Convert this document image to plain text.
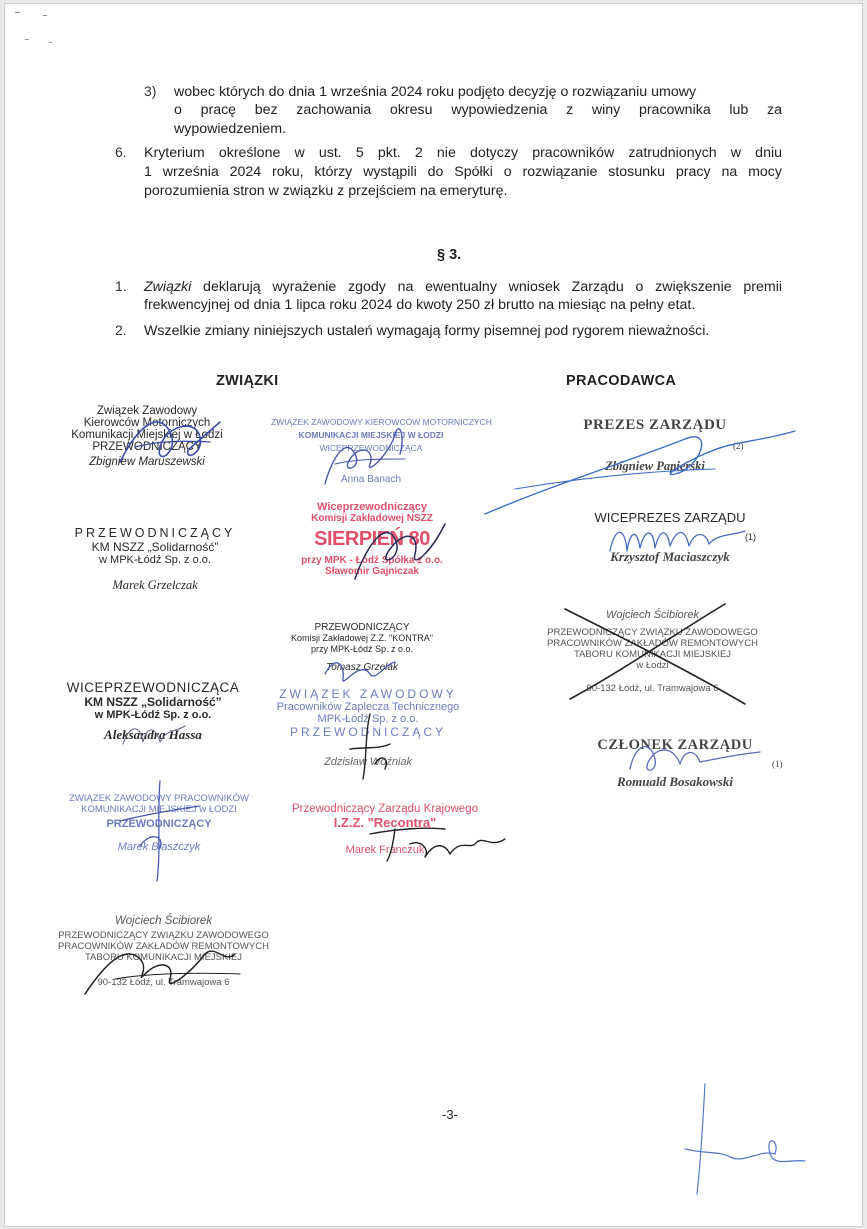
3) wobec których do dnia 1 września 2024 roku podjęto decyzję o rozwiązaniu umowy
o pracę bez zachowania okresu wypowiedzenia z winy pracownika lub za
wypowiedzeniem.
6. Kryterium określone w ust. 5 pkt. 2 nie dotyczy pracowników zatrudnionych w dniu
1 września 2024 roku, którzy wystąpili do Spółki o rozwiązanie stosunku pracy na mocy
porozumienia stron w związku z przejściem na emeryturę.
§ 3.
1. Związki deklarują wyrażenie zgody na ewentualny wniosek Zarządu o zwiększenie premii
frekwencyjnej od dnia 1 lipca roku 2024 do kwoty 250 zł brutto na miesiąc na pełny etat.
2. Wszelkie zmiany niniejszych ustaleń wymagają formy pisemnej pod rygorem nieważności.
ZWIĄZKI	PRACODAWCA
Związek Zawodowy
Kierowców Motorniczych
Komunikacji Miejskiej w Łodzi
PRZEWODNICZĄCY
Zbigniew Maruszewski
ZWIĄZEK ZAWODOWY KIEROWCÓW MOTORNICZYCH
KOMUNIKACJI MIEJSKIEJ W ŁODZI
WICEPRZEWODNICZĄCA
Anna Banach
PREZES ZARZĄDU
(2)
Zbigniew Papierski
PRZEWODNICZĄCY
KM NSZZ „Solidarność”
w MPK-Łódź Sp. z o.o.
Marek Grzelczak
Wiceprzewodniczący
Komisji Zakładowej NSZZ
SIERPIEŃ 80
przy MPK - Łódź Spółka z o.o.
Sławomir Gajniczak
WICEPREZES ZARZĄDU
(1)
Krzysztof Maciaszczyk
PRZEWODNICZĄCY
Komisji Zakładowej Z.Z. "KONTRA"
przy MPK-Łódź Sp. z o.o.
Tomasz Grzelak
Wojciech Ścibiorek
PRZEWODNICZĄCY ZWIĄZKU ZAWODOWEGO
PRACOWNIKÓW ZAKŁADÓW REMONTOWYCH
TABORU KOMUNIKACJI MIEJSKIEJ
w Łodzi
90-132 Łódź, ul. Tramwajowa 6
WICEPRZEWODNICZĄCA
KM NSZZ „Solidarność”
w MPK-Łódź Sp. z o.o.
Aleksandra Hassa
ZWIĄZEK ZAWODOWY
Pracowników Zaplecza Technicznego
MPK-Łódź Sp. z o.o.
PRZEWODNICZĄCY
Zdzisław Woźniak
CZŁONEK ZARZĄDU
(1)
Romuald Bosakowski
ZWIĄZEK ZAWODOWY PRACOWNIKÓW
KOMUNIKACJI MIEJSKIEJ w ŁODZI
PRZEWODNICZĄCY
Marek Błaszczyk
Przewodniczący Zarządu Krajowego
I.Z.Z. "Recontra"
Marek Franczuk
Wojciech Ścibiorek
PRZEWODNICZĄCY ZWIĄZKU ZAWODOWEGO
PRACOWNIKÓW ZAKŁADÓW REMONTOWYCH
TABORU KOMUNIKACJI MIEJSKIEJ
90-132 Łódź, ul. Tramwajowa 6
-3-
